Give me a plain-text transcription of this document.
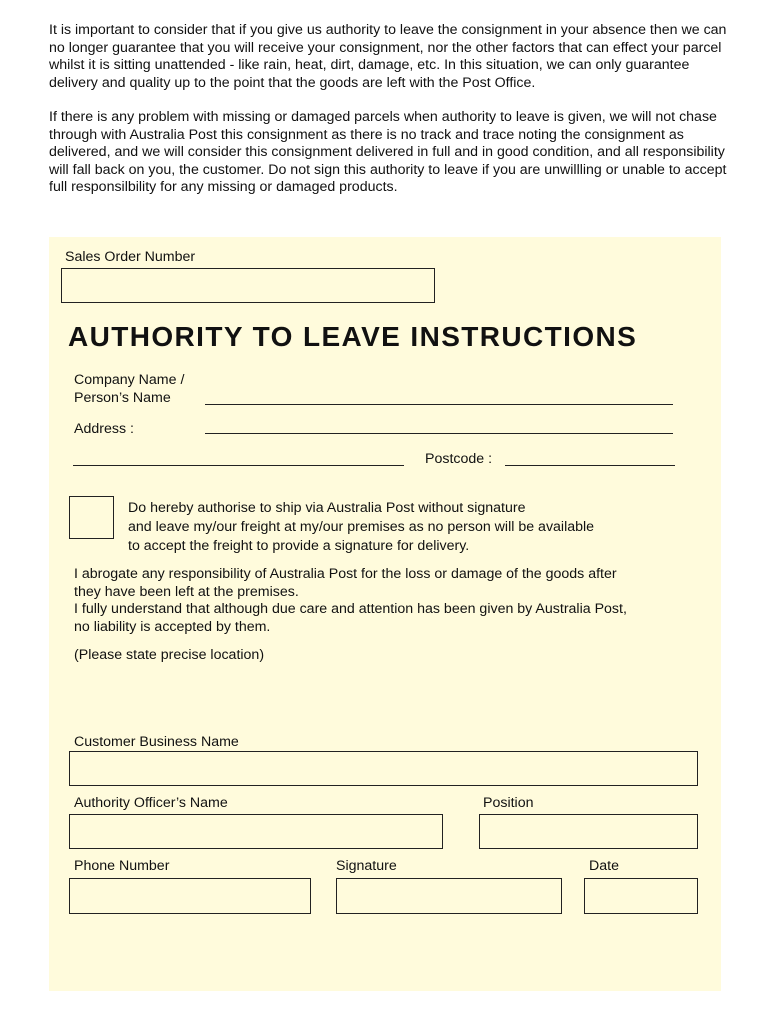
It is important to consider that if you give us authority to leave the consignment in your absence then we can no longer guarantee that you will receive your consignment, nor the other factors that can effect your parcel whilst it is sitting unattended - like rain, heat, dirt, damage, etc. In this situation, we can only guarantee delivery and quality up to the point that the goods are left with the Post Office.

If there is any problem with missing or damaged parcels when authority to leave is given, we will not chase through with Australia Post this consignment as there is no track and trace noting the consignment as delivered, and we will consider this consignment delivered in full and in good condition, and all responsibility will fall back on you, the customer. Do not sign this authority to leave if you are unwillling or unable to accept full responsilbility for any missing or damaged products.

Sales Order Number
AUTHORITY TO LEAVE INSTRUCTIONS
Company Name /
Person’s Name
Address :
Postcode :
Do hereby authorise to ship via Australia Post without signature
and leave my/our freight at my/our premises as no person will be available
to accept the freight to provide a signature for delivery.
I abrogate any responsibility of Australia Post for the loss or damage of the goods after
they have been left at the premises.
I fully understand that although due care and attention has been given by Australia Post,
no liability is accepted by them.
(Please state precise location)
Customer Business Name
Authority Officer’s Name	Position
Phone Number	Signature	Date
